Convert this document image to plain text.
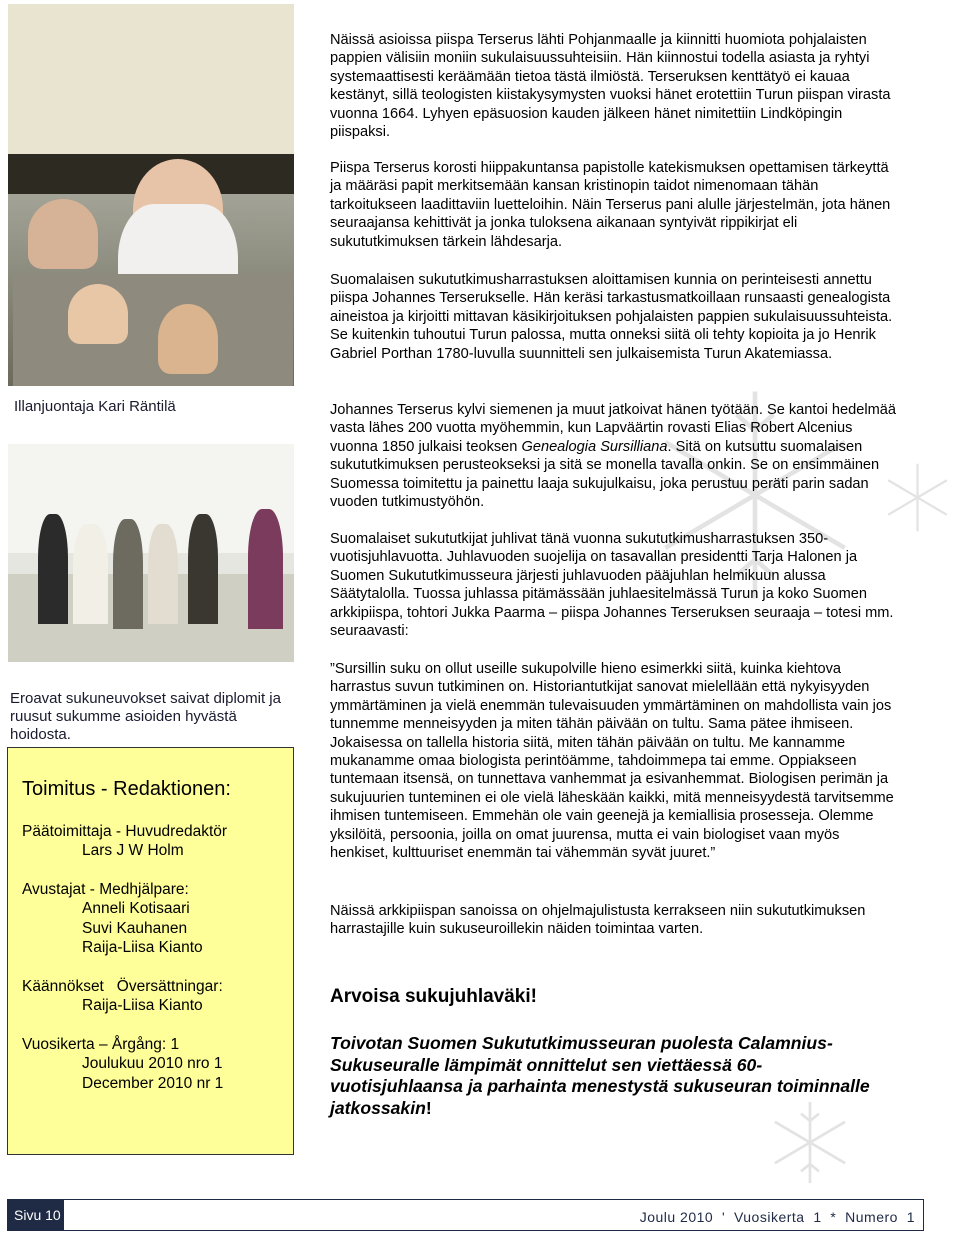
Illanjuontaja Kari Räntilä
Eroavat sukuneuvokset saivat diplomit ja ruusut sukumme asioiden hyvästä hoidosta.
Toimitus - Redaktionen:
Päätoimittaja - Huvudredaktör
Lars J W Holm
Avustajat - Medhjälpare:
Anneli Kotisaari
Suvi Kauhanen
Raija-Liisa Kianto
Käännökset   Översättningar:
Raija-Liisa Kianto
Vuosikerta – Årgång: 1
Joulukuu 2010 nro 1
December 2010 nr 1

Näissä asioissa piispa Terserus lähti Pohjanmaalle ja kiinnitti huomiota pohjalaisten pappien välisiin moniin sukulaisuussuhteisiin. Hän kiinnostui todella asiasta ja ryhtyi systemaattisesti keräämään tietoa tästä ilmiöstä. Terseruksen kenttätyö ei kauaa kestänyt, sillä teologisten kiistakysymysten vuoksi hänet erotettiin Turun piispan virasta vuonna 1664. Lyhyen epäsuosion kauden jälkeen hänet nimitettiin Lindköpingin piispaksi.

Piispa Terserus korosti hiippakuntansa papistolle katekismuksen opettamisen tärkeyttä ja määräsi papit merkitsemään kansan kristinopin taidot nimenomaan tähän tarkoitukseen laadittaviin luetteloihin. Näin Terserus pani alulle järjestelmän, jota hänen seuraajansa kehittivät ja jonka tuloksena aikanaan syntyivät rippikirjat eli sukututkimuksen tärkein lähdesarja.

Suomalaisen sukututkimusharrastuksen aloittamisen kunnia on perinteisesti annettu piispa Johannes Terserukselle. Hän keräsi tarkastusmatkoillaan runsaasti genealogista aineistoa ja kirjoitti mittavan käsikirjoituksen pohjalaisten pappien sukulaisuussuhteista. Se kuitenkin tuhoutui Turun palossa, mutta onneksi siitä oli tehty kopioita ja jo Henrik Gabriel Porthan 1780-luvulla suunnitteli sen julkaisemista Turun Akatemiassa.

Johannes Terserus kylvi siemenen ja muut jatkoivat hänen työtään. Se kantoi hedelmää vasta lähes 200 vuotta myöhemmin, kun Lapväärtin rovasti Elias Robert Alcenius vuonna 1850 julkaisi teoksen Genealogia Sursilliana. Sitä on kutsuttu suomalaisen sukututkimuksen perusteokseksi ja sitä se monella tavalla onkin. Se on ensimmäinen Suomessa toimitettu ja painettu laaja sukujulkaisu, joka perustuu peräti parin sadan vuoden tutkimustyöhön.

Suomalaiset sukututkijat juhlivat tänä vuonna sukututkimusharrastuksen 350-vuotisjuhlavuotta. Juhlavuoden suojelija on tasavallan presidentti Tarja Halonen ja Suomen Sukututkimusseura järjesti juhlavuoden pääjuhlan helmikuun alussa Säätytalolla. Tuossa juhlassa pitämässään juhlaesitelmässä Turun ja koko Suomen arkkipiispa, tohtori Jukka Paarma – piispa Johannes Terseruksen seuraaja – totesi mm. seuraavasti:

”Sursillin suku on ollut useille sukupolville hieno esimerkki siitä, kuinka kiehtova harrastus suvun tutkiminen on. Historiantutkijat sanovat mielellään että nykyisyyden ymmärtäminen ja vielä enemmän tulevaisuuden ymmärtäminen on mahdollista vain jos tunnemme menneisyyden ja miten tähän päivään on tultu. Sama pätee ihmiseen. Jokaisessa on tallella historia siitä, miten tähän päivään on tultu. Me kannamme mukanamme omaa biologista perintöämme, tahdoimmepa tai emme. Oppiakseen tuntemaan itsensä, on tunnettava vanhemmat ja esivanhemmat. Biologisen perimän ja sukujuurien tunteminen ei ole vielä läheskään kaikki, mitä menneisyydestä tarvitsemme ihmisen tuntemiseen. Emmehän ole vain geenejä ja kemiallisia prosesseja. Olemme yksilöitä, persoonia, joilla on omat juurensa, mutta ei vain biologiset vaan myös henkiset, kulttuuriset enemmän tai vähemmän syvät juuret.”

Näissä arkkipiispan sanoissa on ohjelmajulistusta kerrakseen niin sukututkimuksen harrastajille kuin sukuseuroillekin näiden toimintaa varten.

Arvoisa sukujuhlaväki!
Toivotan Suomen Sukututkimusseuran puolesta Calamnius-Sukuseuralle lämpimät onnittelut sen viettäessä 60-vuotisjuhlaansa ja parhainta menestystä sukuseuran toiminnalle jatkossakin!
Sivu 10	Joulu 2010  '  Vuosikerta  1  *  Numero  1
